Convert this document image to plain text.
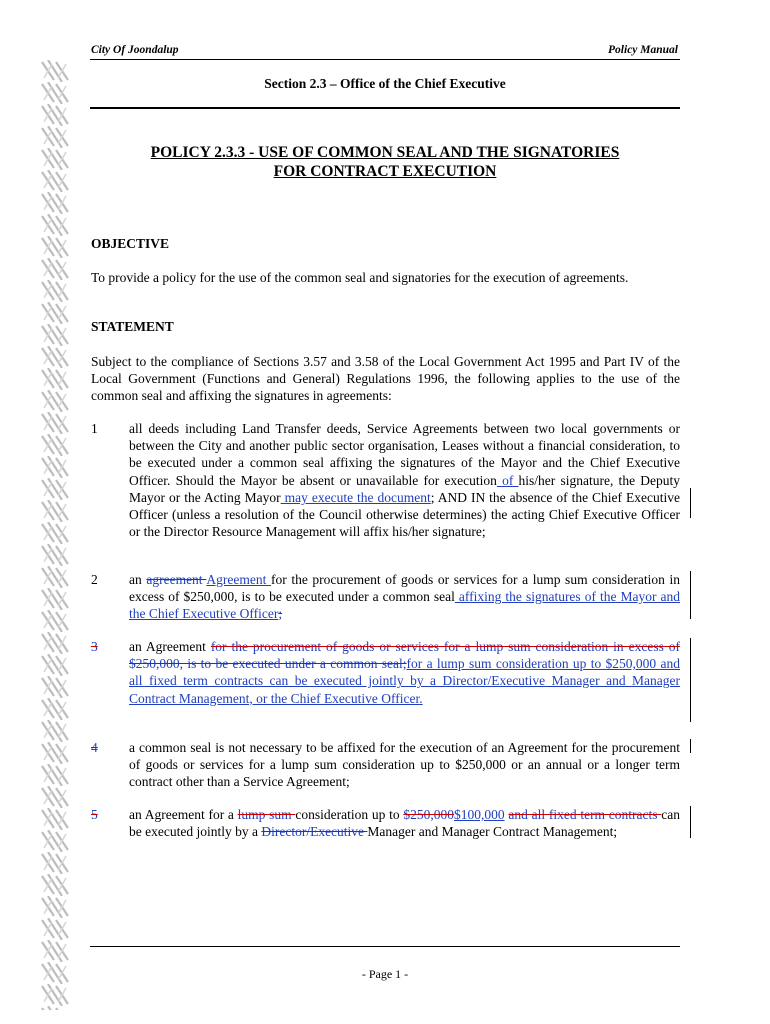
City Of Joondalup	Policy Manual
Section 2.3 – Office of the Chief Executive
POLICY 2.3.3 - USE OF COMMON SEAL AND THE SIGNATORIES
FOR CONTRACT EXECUTION
OBJECTIVE
To provide a policy for the use of the common seal and signatories for the execution of agreements.
STATEMENT
Subject to the compliance of Sections 3.57 and 3.58 of the Local Government Act 1995 and Part IV of the Local Government (Functions and General) Regulations 1996, the following applies to the use of the common seal and affixing the signatures in agreements:
1	all deeds including Land Transfer deeds, Service Agreements between two local governments or between the City and another public sector organisation, Leases without a financial consideration, to be executed under a common seal affixing the signatures of the Mayor and the Chief Executive Officer. Should the Mayor be absent or unavailable for execution of his/her signature, the Deputy Mayor or the Acting Mayor may execute the document; AND IN the absence of the Chief Executive Officer (unless a resolution of the Council otherwise determines) the acting Chief Executive Officer or the Director Resource Management will affix his/her signature;
2	an agreement Agreement for the procurement of goods or services for a lump sum consideration in excess of $250,000, is to be executed under a common seal affixing the signatures of the Mayor and the Chief Executive Officer;
3	an Agreement for the procurement of goods or services for a lump sum consideration in excess of $250,000, is to be executed under a common seal;for a lump sum consideration up to $250,000 and all fixed term contracts can be executed jointly by a Director/Executive Manager and Manager Contract Management, or the Chief Executive Officer.
4	a common seal is not necessary to be affixed for the execution of an Agreement for the procurement of goods or services for a lump sum consideration up to $250,000 or an annual or a longer term contract other than a Service Agreement;
5	an Agreement for a lump sum consideration up to $250,000$100,000 and all fixed term contracts can be executed jointly by a Director/Executive Manager and Manager Contract Management;
- Page 1 -
